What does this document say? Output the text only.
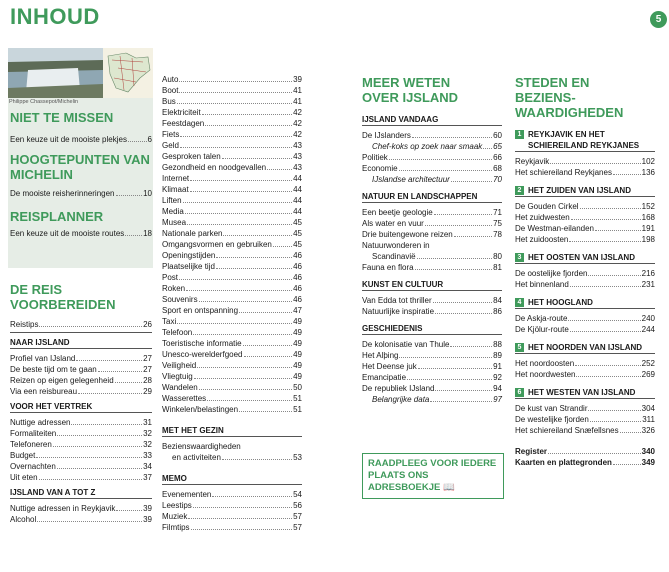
INHOUD	5
Philippe Chassepot/Michelin
NIET TE MISSEN
Een keuze uit de mooiste plekjes	6
HOOGTEPUNTEN VAN MICHELIN
De mooiste reisherinneringen	10
REISPLANNER
Een keuze uit de mooiste routes 18
DE REIS VOORBEREIDEN
Reistips	26
NAAR IJSLAND
Profiel van IJsland	27
De beste tijd om te gaan	27
Reizen op eigen gelegenheid	28
Via een reisbureau	29
VOOR HET VERTREK
Nuttige adressen	31
Formaliteiten	32
Telefoneren	32
Budget	33
Overnachten	34
Uit eten	37
IJSLAND VAN A TOT Z
Nuttige adressen in Reykjavik	39
Alcohol	39
Auto	39
Boot	41
Bus	41
Elektriciteit	42
Feestdagen	42
Fiets	42
Geld	43
Gesproken talen	43
Gezondheid en noodgevallen	43
Internet	44
Klimaat	44
Liften	44
Media	44
Musea	45
Nationale parken	45
Omgangsvormen en gebruiken	45
Openingstijden	46
Plaatselijke tijd	46
Post	46
Roken	46
Souvenirs	46
Sport en ontspanning	47
Taxi	49
Telefoon	49
Toeristische informatie	49
Unesco-werelderfgoed	49
Veiligheid	49
Vliegtuig	49
Wandelen	50
Wasserettes	51
Winkelen/belastingen	51
MET HET GEZIN
Bezienswaardigheden
en activiteiten	53
MEMO
Evenementen	54
Leestips	56
Muziek	57
Filmtips	57
MEER WETEN OVER IJSLAND
IJSLAND VANDAAG
De IJslanders	60
Chef-koks op zoek naar smaak 65
Politiek	66
Economie	68
IJslandse architectuur	70
NATUUR EN LANDSCHAPPEN
Een beetje geologie	71
Als water en vuur	75
Drie buitengewone reizen	78
Natuurwonderen in
Scandinavië	80
Fauna en flora	81
KUNST EN CULTUUR
Van Edda tot thriller	84
Natuurlijke inspiratie	86
GESCHIEDENIS
De kolonisatie van Thule	88
Het Alþing	89
Het Deense juk	91
Emancipatie	92
De republiek IJsland	94
Belangrijke data	97
RAADPLEEG VOOR IEDERE PLAATS ONS ADRESBOEKJE 📖
STEDEN EN BEZIENS-WAARDIGHEDEN
1 REYKJAVIK EN HET SCHIEREILAND REYKJANES
Reykjavik	102
Het schiereiland Reykjanes	136
2 HET ZUIDEN VAN IJSLAND
De Gouden Cirkel	152
Het zuidwesten	168
De Westman-eilanden	191
Het zuidoosten	198
3 HET OOSTEN VAN IJSLAND
De oostelijke fjorden	216
Het binnenland	231
4 HET HOOGLAND
De Askja-route	240
De Kjölur-route	244
5 HET NOORDEN VAN IJSLAND
Het noordoosten	252
Het noordwesten	269
6 HET WESTEN VAN IJSLAND
De kust van Strandir	304
De westelijke fjorden	311
Het schiereiland Snæfellsnes	326
Register	340
Kaarten en plattegronden	349
